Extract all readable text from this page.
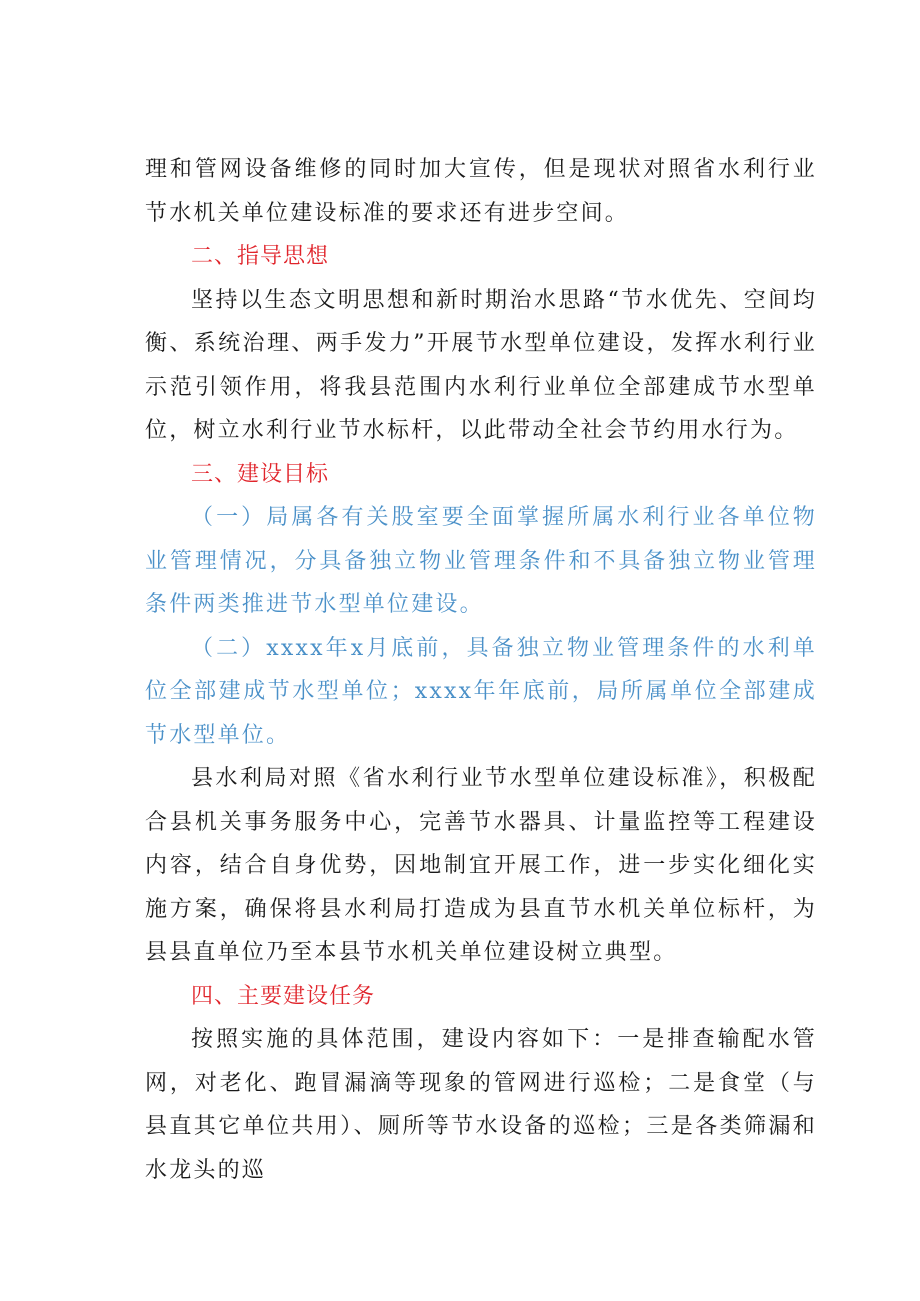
理和管网设备维修的同时加大宣传，但是现状对照省水利行业节水机关单位建设标准的要求还有进步空间。

二、指导思想

坚持以生态文明思想和新时期治水思路“节水优先、空间均衡、系统治理、两手发力”开展节水型单位建设，发挥水利行业示范引领作用，将我县范围内水利行业单位全部建成节水型单位，树立水利行业节水标杆，以此带动全社会节约用水行为。

三、建设目标

（一）局属各有关股室要全面掌握所属水利行业各单位物业管理情况，分具备独立物业管理条件和不具备独立物业管理条件两类推进节水型单位建设。

（二）xxxx年x月底前，具备独立物业管理条件的水利单位全部建成节水型单位；xxxx年年底前，局所属单位全部建成节水型单位。

县水利局对照《省水利行业节水型单位建设标准》，积极配合县机关事务服务中心，完善节水器具、计量监控等工程建设内容，结合自身优势，因地制宜开展工作，进一步实化细化实施方案，确保将县水利局打造成为县直节水机关单位标杆，为县县直单位乃至本县节水机关单位建设树立典型。

四、主要建设任务

按照实施的具体范围，建设内容如下：一是排查输配水管网，对老化、跑冒漏滴等现象的管网进行巡检；二是食堂（与县直其它单位共用）、厕所等节水设备的巡检；三是各类筛漏和水龙头的巡
